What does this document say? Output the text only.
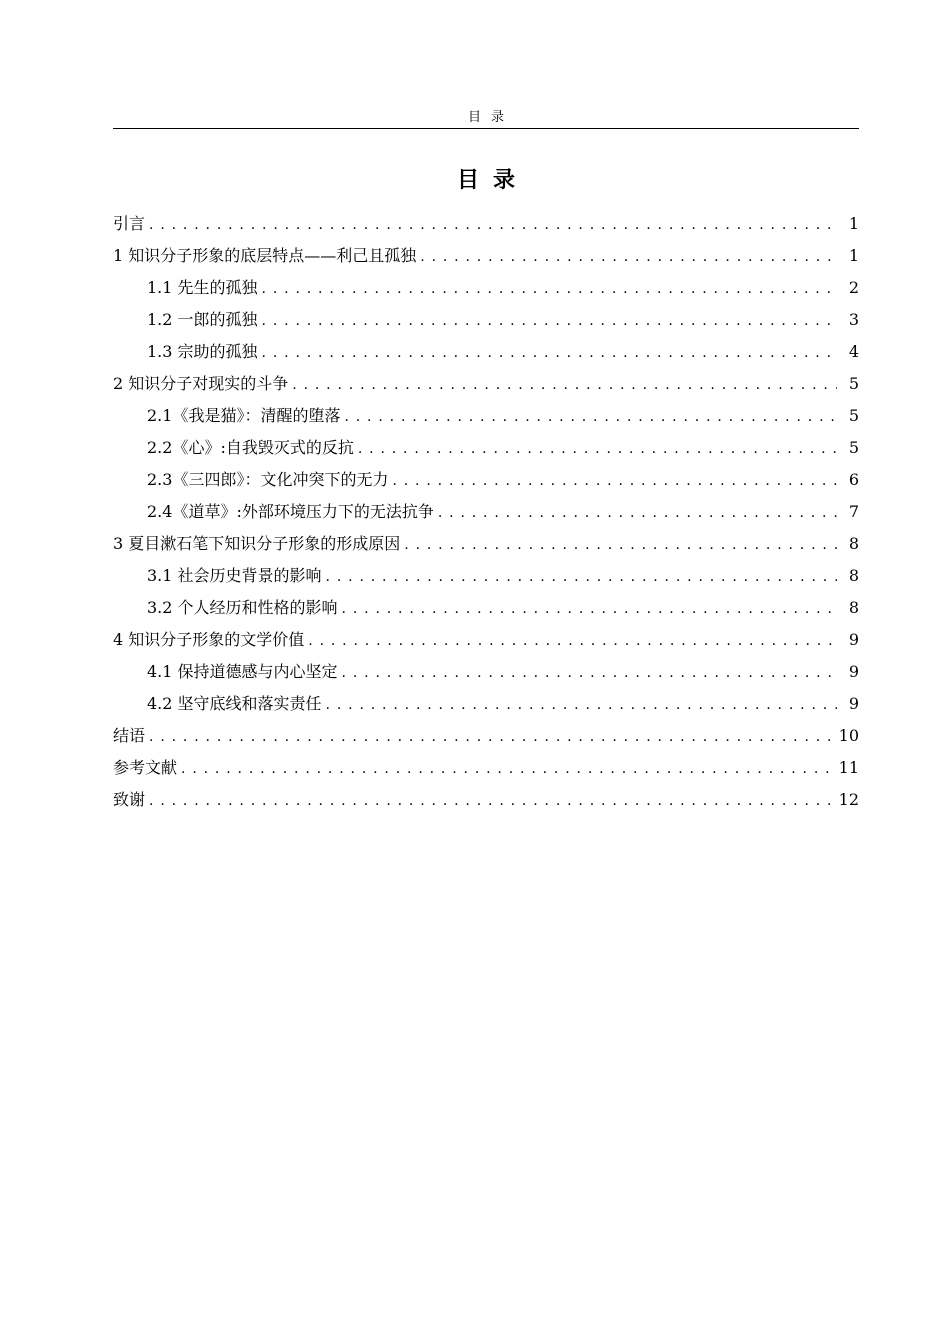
目录
目录
引言 . . .	1
1 知识分子形象的底层特点——利己且孤独 . . .	1
1.1 先生的孤独 . . .	2
1.2 一郎的孤独 . . .	3
1.3 宗助的孤独 . . .	4
2 知识分子对现实的斗争 . . .	5
2.1《我是猫》：清醒的堕落 . . .	5
2.2《心》:自我毁灭式的反抗 . . .	5
2.3《三四郎》：文化冲突下的无力 . . .	6
2.4《道草》:外部环境压力下的无法抗争 . . .	7
3 夏目漱石笔下知识分子形象的形成原因 . . .	8
3.1 社会历史背景的影响 . . .	8
3.2 个人经历和性格的影响 . . .	8
4 知识分子形象的文学价值 . . .	9
4.1 保持道德感与内心坚定 . . .	9
4.2 坚守底线和落实责任 . . .	9
结语 . . .	10
参考文献 . . .	11
致谢 . . .	12
